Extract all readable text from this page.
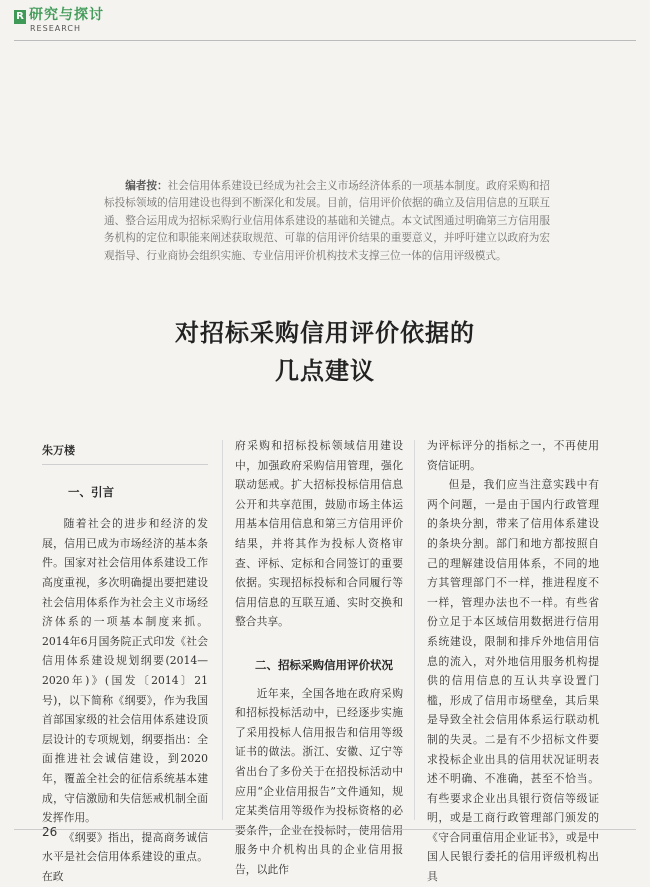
R 研究与探讨
RESEARCH
编者按：社会信用体系建设已经成为社会主义市场经济体系的一项基本制度。政府采购和招标投标领域的信用建设也得到不断深化和发展。目前，信用评价依据的确立及信用信息的互联互通、整合运用成为招标采购行业信用体系建设的基础和关键点。本文试图通过明确第三方信用服务机构的定位和职能来阐述获取规范、可靠的信用评价结果的重要意义，并呼吁建立以政府为宏观指导、行业商协会组织实施、专业信用评价机构技术支撑三位一体的信用评级模式。
对招标采购信用评价依据的
几点建议
朱万楼
一、引言

随着社会的进步和经济的发展，信用已成为市场经济的基本条件。国家对社会信用体系建设工作高度重视，多次明确提出要把建设社会信用体系作为社会主义市场经济体系的一项基本制度来抓。2014年6月国务院正式印发《社会信用体系建设规划纲要(2014—2020年)》(国发〔2014〕21号)，以下简称《纲要》，作为我国首部国家级的社会信用体系建设顶层设计的专项规划，纲要指出：全面推进社会诚信建设，到2020年，覆盖全社会的征信系统基本建成，守信激励和失信惩戒机制全面发挥作用。

《纲要》指出，提高商务诚信水平是社会信用体系建设的重点。在政

府采购和招标投标领域信用建设中，加强政府采购信用管理，强化联动惩戒。扩大招标投标信用信息公开和共享范围，鼓励市场主体运用基本信用信息和第三方信用评价结果，并将其作为投标人资格审查、评标、定标和合同签订的重要依据。实现招标投标和合同履行等信用信息的互联互通、实时交换和整合共享。

二、招标采购信用评价状况

近年来，全国各地在政府采购和招标投标活动中，已经逐步实施了采用投标人信用报告和信用等级证书的做法。浙江、安徽、辽宁等省出台了多份关于在招投标活动中应用“企业信用报告”文件通知，规定某类信用等级作为投标资格的必要条件，企业在投标时，使用信用服务中介机构出具的企业信用报告，以此作

为评标评分的指标之一，不再使用资信证明。

但是，我们应当注意实践中有两个问题，一是由于国内行政管理的条块分割，带来了信用体系建设的条块分割。部门和地方都按照自己的理解建设信用体系，不同的地方其管理部门不一样，推进程度不一样，管理办法也不一样。有些省份立足于本区域信用数据进行信用系统建设，限制和排斥外地信用信息的流入，对外地信用服务机构提供的信用信息的互认共享设置门槛，形成了信用市场壁垒，其后果是导致全社会信用体系运行联动机制的失灵。二是有不少招标文件要求投标企业出具的信用状况证明表述不明确、不准确，甚至不恰当。有些要求企业出具银行资信等级证明，或是工商行政管理部门颁发的《守合同重信用企业证书》，或是中国人民银行委托的信用评级机构出具

26
